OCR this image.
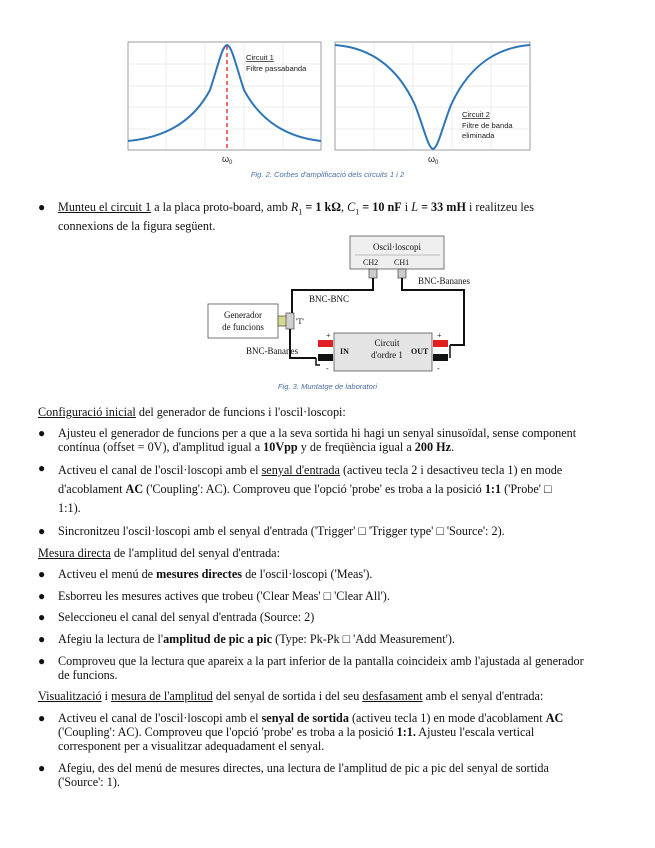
Circuit 1
Filtre passabanda
ω 0
Circuit 2
Filtre de banda
eliminada
ω 0
Fig. 2. Corbes d'amplificació dels circuits 1 i 2
● Munteu el circuit 1 a la placa proto-board, amb $R_1 = 1$ kΩ, $C_1 = 10$ nF i L = 33 mH i realitzeu les
connexions de la figura següent.
Oscil·loscopi
CH2 CH1
BNC-BNC
BNC-Bananes
Generador
de funcions
'T'
BNC-Bananes
Circuit
d'ordre 1
IN	OUT
+
-
+
-
Fig. 3. Muntatge de laboratori
Configuració inicial del generador de funcions i l'oscil·loscopi:
● Ajusteu el generador de funcions per a que a la seva sortida hi hagi un senyal sinusoïdal, sense component
contínua (offset = 0V), d'amplitud igual a 10Vpp y de freqüència igual a 200 Hz.
● Activeu el canal de l'oscil·loscopi amb el senyal d'entrada (activeu tecla 2 i desactiveu tecla 1) en mode
d'acoblament AC ('Coupling': AC). Comproveu que l'opció 'probe' es troba a la posició 1:1 ('Probe' □
1:1).
● Sincronitzeu l'oscil·loscopi amb el senyal d'entrada ('Trigger' □ 'Trigger type' □ 'Source': 2).
Mesura directa de l'amplitud del senyal d'entrada:
● Activeu el menú de mesures directes de l'oscil·loscopi ('Meas').
● Esborreu les mesures actives que trobeu ('Clear Meas' □ 'Clear All').
● Seleccioneu el canal del senyal d'entrada (Source: 2)
● Afegiu la lectura de l'amplitud de pic a pic (Type: Pk-Pk □ 'Add Measurement').
● Comproveu que la lectura que apareix a la part inferior de la pantalla coincideix amb l'ajustada al generador
de funcions.
Visualització i mesura de l'amplitud del senyal de sortida i del seu desfasament amb el senyal d'entrada:
● Activeu el canal de l'oscil·loscopi amb el senyal de sortida (activeu tecla 1) en mode d'acoblament AC
('Coupling': AC). Comproveu que l'opció 'probe' es troba a la posició 1:1. Ajusteu l'escala vertical
corresponent per a visualitzar adequadament el senyal.
● Afegiu, des del menú de mesures directes, una lectura de l'amplitud de pic a pic del senyal de sortida
('Source': 1).
